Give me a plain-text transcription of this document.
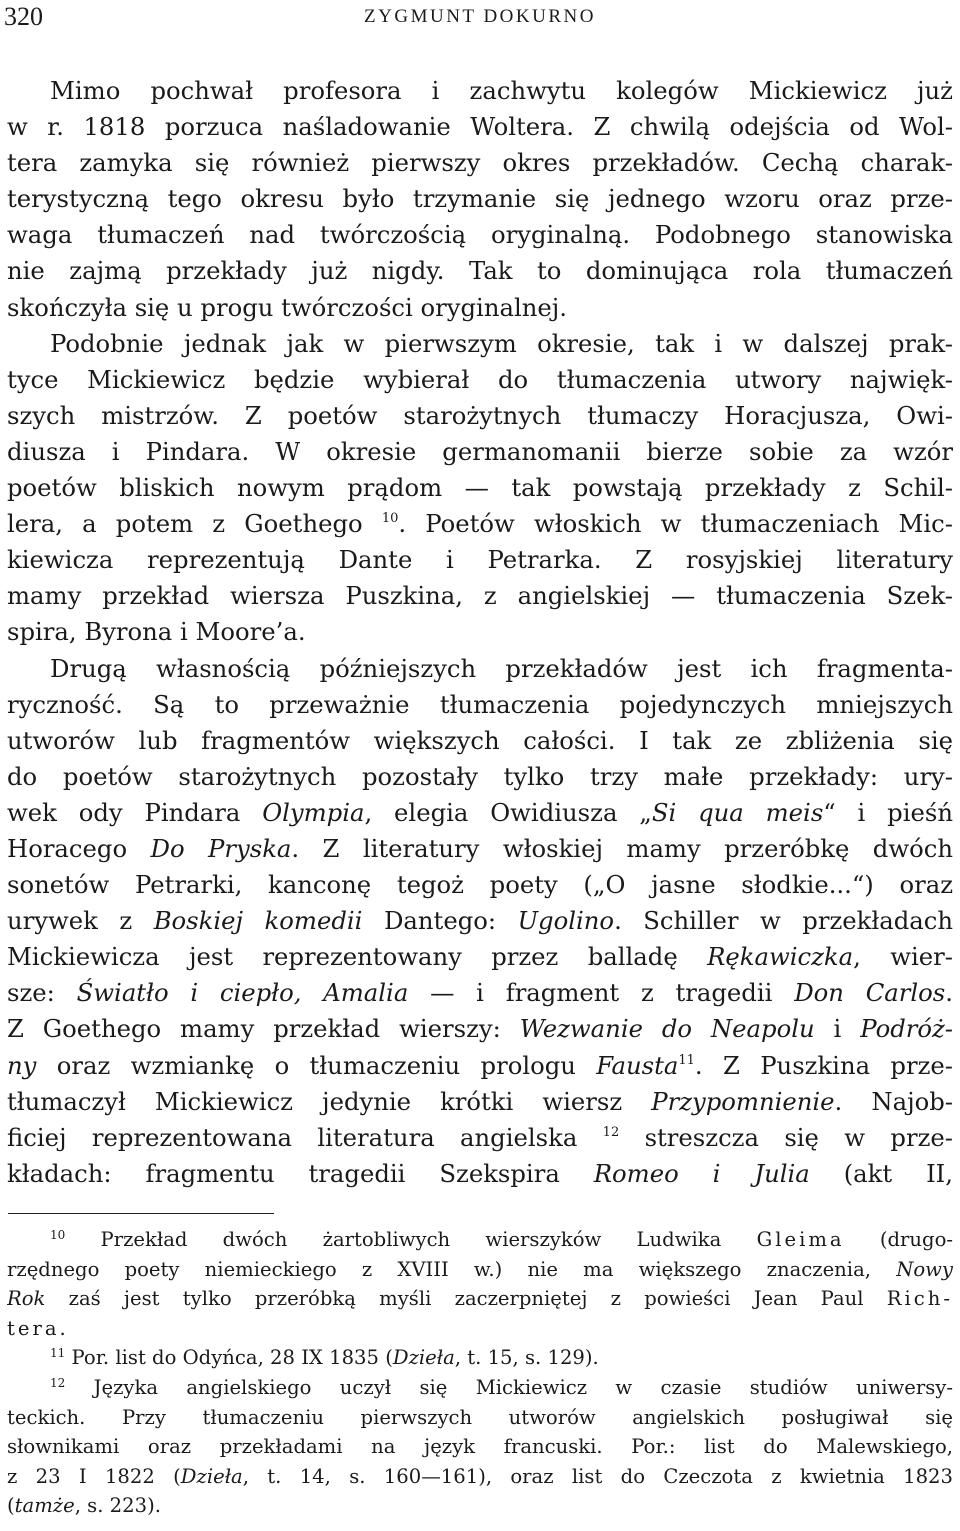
320	ZYGMUNT DOKURNO
Mimo pochwał profesora i zachwytu kolegów Mickiewicz już
w r. 1818 porzuca naśladowanie Woltera. Z chwilą odejścia od Wol-
tera zamyka się również pierwszy okres przekładów. Cechą charak-
terystyczną tego okresu było trzymanie się jednego wzoru oraz prze-
waga tłumaczeń nad twórczością oryginalną. Podobnego stanowiska
nie zajmą przekłady już nigdy. Tak to dominująca rola tłumaczeń
skończyła się u progu twórczości oryginalnej.
Podobnie jednak jak w pierwszym okresie, tak i w dalszej prak-
tyce Mickiewicz będzie wybierał do tłumaczenia utwory najwięk-
szych mistrzów. Z poetów starożytnych tłumaczy Horacjusza, Owi-
diusza i Pindara. W okresie germanomanii bierze sobie za wzór
poetów bliskich nowym prądom — tak powstają przekłady z Schil-
lera, a potem z Goethego $^{10}$. Poetów włoskich w tłumaczeniach Mic-
kiewicza reprezentują Dante i Petrarka. Z rosyjskiej literatury
mamy przekład wiersza Puszkina, z angielskiej — tłumaczenia Szek-
spira, Byrona i Moore’a.
Drugą własnością późniejszych przekładów jest ich fragmenta-
ryczność. Są to przeważnie tłumaczenia pojedynczych mniejszych
utworów lub fragmentów większych całości. I tak ze zbliżenia się
do poetów starożytnych pozostały tylko trzy małe przekłady: ury-
wek ody Pindara Olympia, elegia Owidiusza „Si qua meis“ i pieśń
Horacego Do Pryska. Z literatury włoskiej mamy przeróbkę dwóch
sonetów Petrarki, kanconę tegoż poety („O jasne słodkie...“) oraz
urywek z Boskiej komedii Dantego: Ugolino. Schiller w przekładach
Mickiewicza jest reprezentowany przez balladę Rękawiczka, wier-
sze: Światło i ciepło, Amalia — i fragment z tragedii Don Carlos.
Z Goethego mamy przekład wierszy: Wezwanie do Neapolu i Podróż-
ny oraz wzmiankę o tłumaczeniu prologu Fausta$^{11}$. Z Puszkina prze-
tłumaczył Mickiewicz jedynie krótki wiersz Przypomnienie. Najob-
ficiej reprezentowana literatura angielska $^{12}$ streszcza się w prze-
kładach: fragmentu tragedii Szekspira Romeo i Julia (akt II,
$^{10}$ Przekład dwóch żartobliwych wierszyków Ludwika Gleima (drugo-
rzędnego poety niemieckiego z XVIII w.) nie ma większego znaczenia, Nowy
Rok zaś jest tylko przeróbką myśli zaczerpniętej z powieści Jean Paul Rich-
tera.
$^{11}$ Por. list do Odyńca, 28 IX 1835 (Dzieła, t. 15, s. 129).
$^{12}$ Języka angielskiego uczył się Mickiewicz w czasie studiów uniwersy-
teckich. Przy tłumaczeniu pierwszych utworów angielskich posługiwał się
słownikami oraz przekładami na język francuski. Por.: list do Malewskiego,
z 23 I 1822 (Dzieła, t. 14, s. 160—161), oraz list do Czeczota z kwietnia 1823
(tamże, s. 223).
